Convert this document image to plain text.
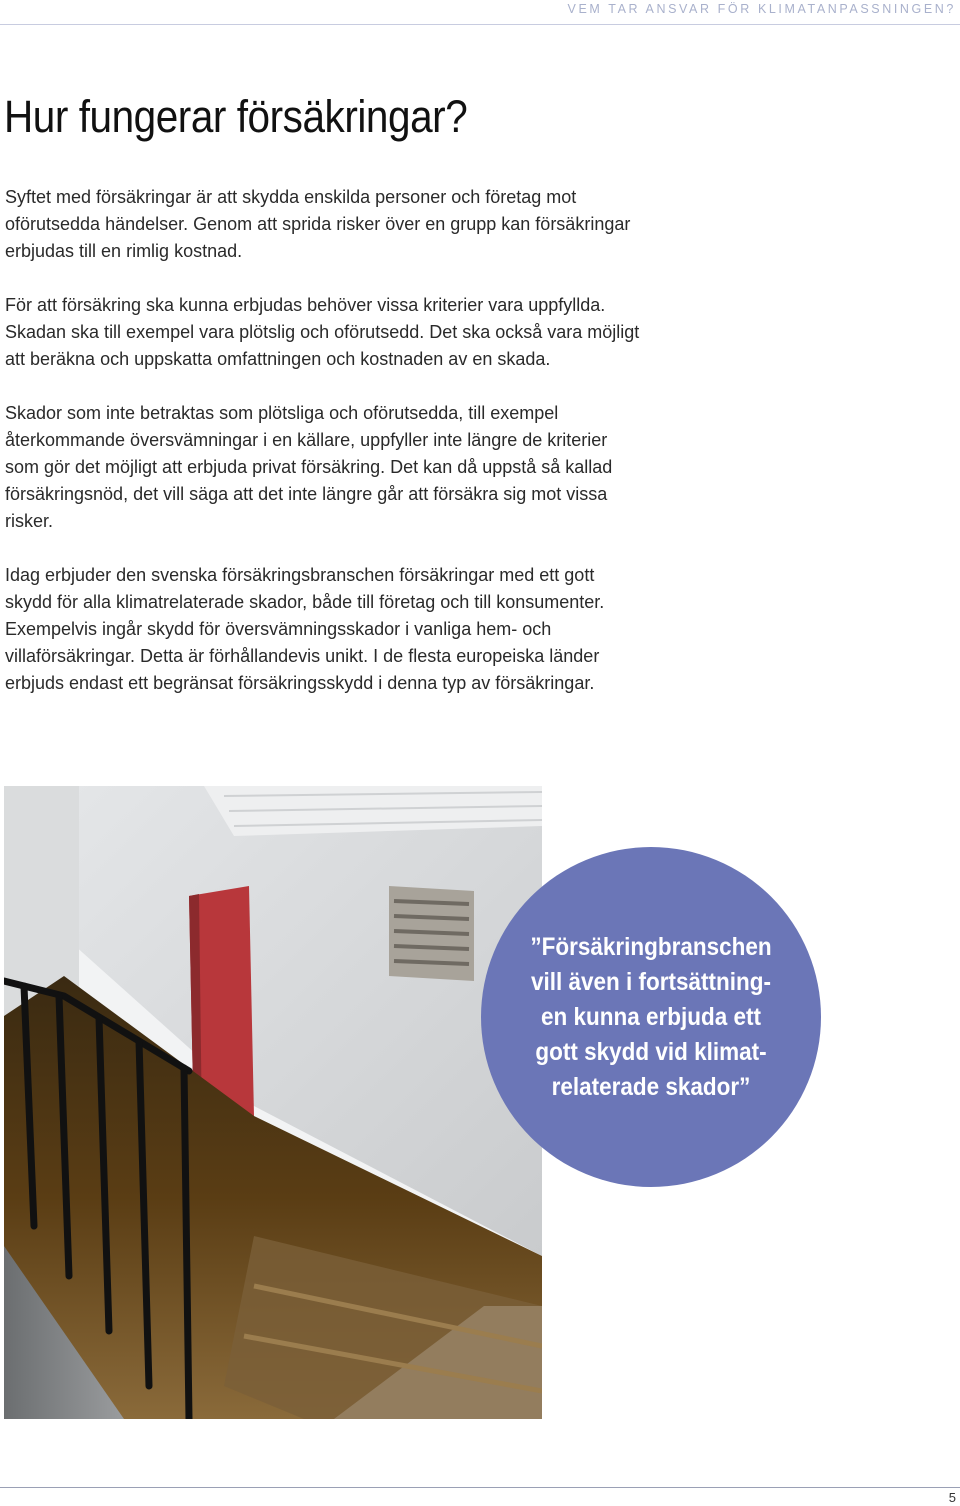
VEM TAR ANSVAR FÖR KLIMATANPASSNINGEN?
Hur fungerar försäkringar?

Syftet med försäkringar är att skydda enskilda personer och företag mot oförutsedda händelser. Genom att sprida risker över en grupp kan försäkringar erbjudas till en rimlig kostnad.

För att försäkring ska kunna erbjudas behöver vissa kriterier vara uppfyllda. Skadan ska till exempel vara plötslig och oförutsedd. Det ska också vara möjligt att beräkna och uppskatta omfattningen och kostnaden av en skada.

Skador som inte betraktas som plötsliga och oförutsedda, till exempel återkommande översvämningar i en källare, uppfyller inte längre de kriterier som gör det möjligt att erbjuda privat försäkring. Det kan då uppstå så kallad försäkringsnöd, det vill säga att det inte längre går att försäkra sig mot vissa risker.

Idag erbjuder den svenska försäkringsbranschen försäkringar med ett gott skydd för alla klimatrelaterade skador, både till företag och till konsumenter. Exempelvis ingår skydd för översvämningsskador i vanliga hem- och villaförsäkringar. Detta är förhållandevis unikt. I de flesta europeiska länder erbjuds endast ett begränsat försäkringsskydd i denna typ av försäkringar.

”Försäkringbranschen
vill även i fortsättning-
en kunna erbjuda ett
gott skydd vid klimat-
relaterade skador”
5
